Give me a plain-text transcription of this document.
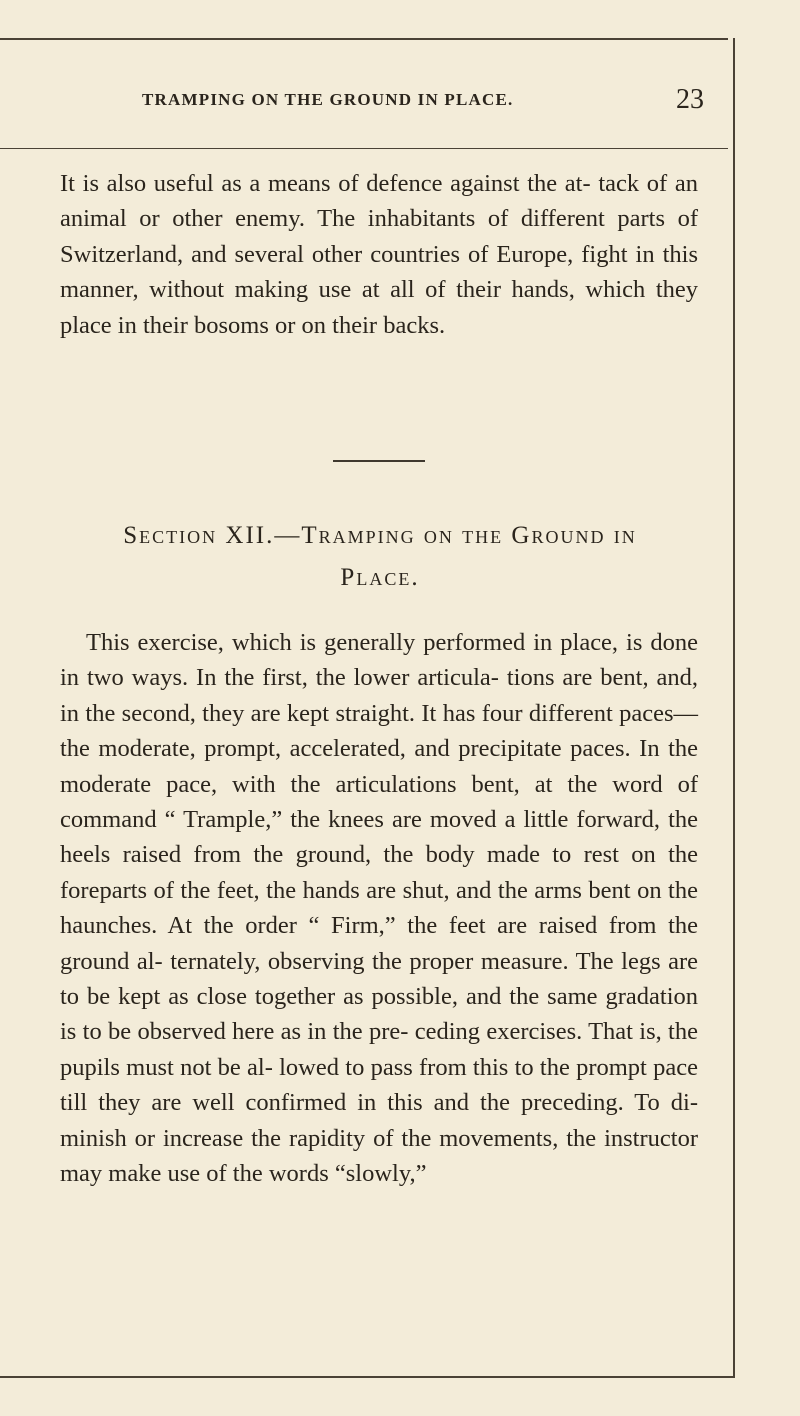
TRAMPING ON THE GROUND IN PLACE.	23

It is also useful as a means of defence against the at- tack of an animal or other enemy. The inhabitants of different parts of Switzerland, and several other countries of Europe, fight in this manner, without making use at all of their hands, which they place in their bosoms or on their backs.

Section XII.—Tramping on the Ground in
Place.

This exercise, which is generally performed in place, is done in two ways. In the first, the lower articula- tions are bent, and, in the second, they are kept straight. It has four different paces—the moderate, prompt, accelerated, and precipitate paces. In the moderate pace, with the articulations bent, at the word of command “ Trample,” the knees are moved a little forward, the heels raised from the ground, the body made to rest on the foreparts of the feet, the hands are shut, and the arms bent on the haunches. At the order “ Firm,” the feet are raised from the ground al- ternately, observing the proper measure. The legs are to be kept as close together as possible, and the same gradation is to be observed here as in the pre- ceding exercises. That is, the pupils must not be al- lowed to pass from this to the prompt pace till they are well confirmed in this and the preceding. To di- minish or increase the rapidity of the movements, the instructor may make use of the words “slowly,”
